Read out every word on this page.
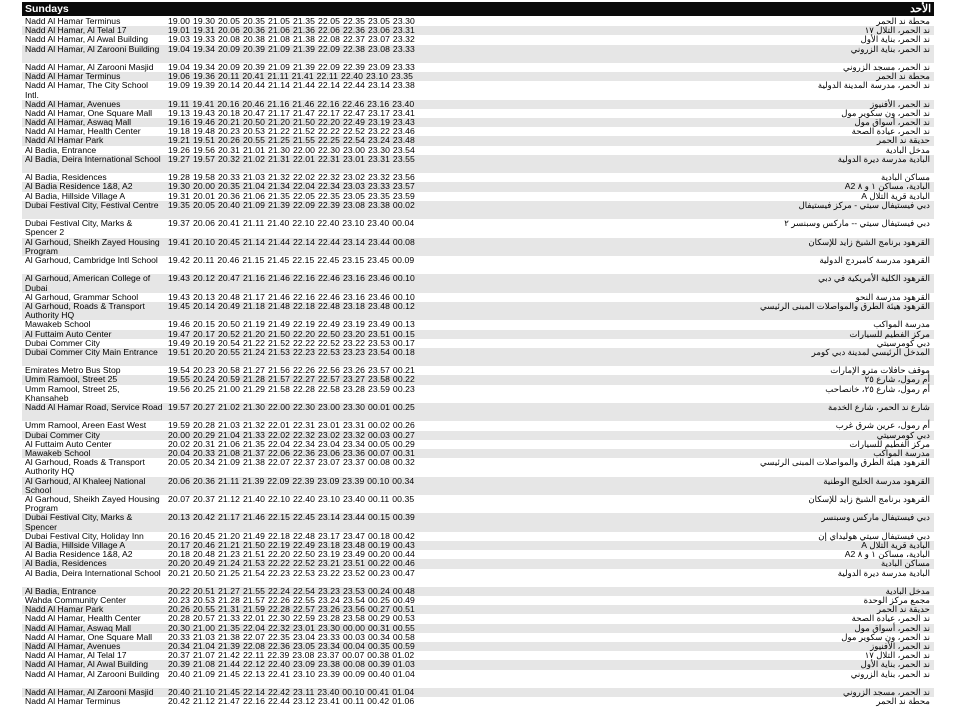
Sundays	الأحد
Nadd Al Hamar Terminus	19.00 19.30 20.05 20.35 21.05 21.35 22.05 22.35 23.05 23.30	محطة ند الحمر
Nadd Al Hamar, Al Telal 17	19.01 19.31 20.06 20.36 21.06 21.36 22.06 22.36 23.06 23.31	ند الحمر، التلال ١٧
Nadd Al Hamar, Al Awal Building	19.03 19.33 20.08 20.38 21.08 21.38 22.08 22.37 23.07 23.32	ند الحمر، بناية الأول
Nadd Al Hamar, Al Zarooni Building	19.04 19.34 20.09 20.39 21.09 21.39 22.09 22.38 23.08 23.33	ند الحمر، بناية الزروني
Nadd Al Hamar, Al Zarooni Masjid	19.04 19.34 20.09 20.39 21.09 21.39 22.09 22.39 23.09 23.33	ند الحمر، مسجد الزروني
Nadd Al Hamar Terminus	19.06 19.36 20.11 20.41 21.11 21.41 22.11 22.40 23.10 23.35	محطة ند الحمر
Nadd Al Hamar, The City School Intl.
19.09 19.39 20.14 20.44 21.14 21.44 22.14 22.44 23.14 23.38	ند الحمر، مدرسة المدينة الدولية
Nadd Al Hamar, Avenues	19.11 19.41 20.16 20.46 21.16 21.46 22.16 22.46 23.16 23.40	ند الحمر، الأفنيوز
Nadd Al Hamar, One Square Mall	19.13 19.43 20.18 20.47 21.17 21.47 22.17 22.47 23.17 23.41	ند الحمر، ون سكوير مول
Nadd Al Hamar, Aswaq Mall	19.16 19.46 20.21 20.50 21.20 21.50 22.20 22.49 23.19 23.43	ند الحمر، أسواق مول
Nadd Al Hamar, Health Center	19.18 19.48 20.23 20.53 21.22 21.52 22.22 22.52 23.22 23.46	ند الحمر، عيادة الصحة
Nadd Al Hamar Park	19.21 19.51 20.26 20.55 21.25 21.55 22.25 22.54 23.24 23.48	حديقة ند الحمر
Al Badia, Entrance	19.26 19.56 20.31 21.01 21.30 22.00 22.30 23.00 23.30 23.54	مدخل البادية
Al Badia, Deira International School 19.27 19.57 20.32 21.02 21.31 22.01 22.31 23.01 23.31 23.55	البادية مدرسة ديرة الدولية
Al Badia, Residences	19.28 19.58 20.33 21.03 21.32 22.02 22.32 23.02 23.32 23.56	مساكن البادية
Al Badia Residence 1&8, A2	19.30 20.00 20.35 21.04 21.34 22.04 22.34 23.03 23.33 23.57	البادية، مساكن ١ و ٨ A2
Al Badia, Hillside Village A	19.31 20.01 20.36 21.06 21.35 22.05 22.35 23.05 23.35 23.59	البادية قرية التلال A
Dubai Festival City, Festival Centre	19.35 20.05 20.40 21.09 21.39 22.09 22.39 23.08 23.38 00.02	دبي فيستيفال سيتي - مركز فيستيفال
Dubai Festival City, Marks & Spencer 2
19.37 20.06 20.41 21.11 21.40 22.10 22.40 23.10 23.40 00.04	دبي فيستيفال سيتي -- ماركس وسبنسر ٢
Al Garhoud, Sheikh Zayed Housing Program
19.41 20.10 20.45 21.14 21.44 22.14 22.44 23.14 23.44 00.08	القرهود برنامج الشيخ زايد للإسكان
Al Garhoud, Cambridge Intl School	19.42 20.11 20.46 21.15 21.45 22.15 22.45 23.15 23.45 00.09	القرهود مدرسة كامبردج الدولية
Al Garhoud, American College of Dubai
19.43 20.12 20.47 21.16 21.46 22.16 22.46 23.16 23.46 00.10	القرهود الكلية الأمريكية في دبي
Al Garhoud, Grammar School	19.43 20.13 20.48 21.17 21.46 22.16 22.46 23.16 23.46 00.10	القرهود مدرسة النحو
Al Garhoud, Roads & Transport Authority HQ
19.45 20.14 20.49 21.18 21.48 22.18 22.48 23.18 23.48 00.12	القرهود هيئة الطرق والمواصلات المبنى الرئيسي
Mawakeb School	19.46 20.15 20.50 21.19 21.49 22.19 22.49 23.19 23.49 00.13	مدرسة المواكب
Al Futtaim Auto Center	19.47 20.17 20.52 21.20 21.50 22.20 22.50 23.20 23.51 00.15	مركز الفطيم للسيارات
Dubai Commer City	19.49 20.19 20.54 21.22 21.52 22.22 22.52 23.22 23.53 00.17	دبي كومرسيتي
Dubai Commer City Main Entrance	19.51 20.20 20.55 21.24 21.53 22.23 22.53 23.23 23.54 00.18	المدخل الرئيسي لمدينة دبي كومر
Emirates Metro Bus Stop	19.54 20.23 20.58 21.27 21.56 22.26 22.56 23.26 23.57 00.21	موقف حافلات مترو الإمارات
Umm Ramool, Street 25	19.55 20.24 20.59 21.28 21.57 22.27 22.57 23.27 23.58 00.22	أم رمول، شارع ٢٥
Umm Ramool, Street 25, Khansaheb
19.56 20.25 21.00 21.29 21.58 22.28 22.58 23.28 23.59 00.23	أم رمول، شارع ٢٥، خانصاحب
Nadd Al Hamar Road, Service Road 19.57 20.27 21.02 21.30 22.00 22.30 23.00 23.30 00.01 00.25	شارع ند الحمر، شارع الخدمة
Umm Ramool, Areen East West	19.59 20.28 21.03 21.32 22.01 22.31 23.01 23.31 00.02 00.26	أم رمول، عرين شرق غرب
Dubai Commer City	20.00 20.29 21.04 21.33 22.02 22.32 23.02 23.32 00.03 00.27	دبي كومرسيتي
Al Futtaim Auto Center	20.02 20.31 21.06 21.35 22.04 22.34 23.04 23.34 00.05 00.29	مركز الفطيم للسيارات
Mawakeb School	20.04 20.33 21.08 21.37 22.06 22.36 23.06 23.36 00.07 00.31	مدرسة المواكب
Al Garhoud, Roads & Transport Authority HQ
20.05 20.34 21.09 21.38 22.07 22.37 23.07 23.37 00.08 00.32	القرهود هيئة الطرق والمواصلات المبنى الرئيسي
Al Garhoud, Al Khaleej National School
20.06 20.36 21.11 21.39 22.09 22.39 23.09 23.39 00.10 00.34	القرهود مدرسة الخليج الوطنية
Al Garhoud, Sheikh Zayed Housing Program
20.07 20.37 21.12 21.40 22.10 22.40 23.10 23.40 00.11 00.35	القرهود برنامج الشيخ زايد للإسكان
Dubai Festival City, Marks & Spencer
20.13 20.42 21.17 21.46 22.15 22.45 23.14 23.44 00.15 00.39	دبي فيستيفال ماركس وسبنسر
Dubai Festival City, Holiday Inn	20.16 20.45 21.20 21.49 22.18 22.48 23.17 23.47 00.18 00.42	دبي فيستيفال سيتي هوليداي إن
Al Badia, Hillside Village A	20.17 20.46 21.21 21.50 22.19 22.49 23.18 23.48 00.19 00.43	البادية قرية التلال A
Al Badia Residence 1&8, A2	20.18 20.48 21.23 21.51 22.20 22.50 23.19 23.49 00.20 00.44	البادية، مساكن ١ و ٨ A2
Al Badia, Residences	20.20 20.49 21.24 21.53 22.22 22.52 23.21 23.51 00.22 00.46	مساكن البادية
Al Badia, Deira International School 20.21 20.50 21.25 21.54 22.23 22.53 23.22 23.52 00.23 00.47	البادية مدرسة ديرة الدولية
Al Badia, Entrance	20.22 20.51 21.27 21.55 22.24 22.54 23.23 23.53 00.24 00.48	مدخل البادية
Wahda Community Center	20.23 20.53 21.28 21.57 22.26 22.55 23.24 23.54 00.25 00.49	مجمع مركز الوحدة
Nadd Al Hamar Park	20.26 20.55 21.31 21.59 22.28 22.57 23.26 23.56 00.27 00.51	حديقة ند الحمر
Nadd Al Hamar, Health Center	20.28 20.57 21.33 22.01 22.30 22.59 23.28 23.58 00.29 00.53	ند الحمر، عيادة الصحة
Nadd Al Hamar, Aswaq Mall	20.30 21.00 21.35 22.04 22.32 23.01 23.30 00.00 00.31 00.55	ند الحمر، أسواق مول
Nadd Al Hamar, One Square Mall	20.33 21.03 21.38 22.07 22.35 23.04 23.33 00.03 00.34 00.58	ند الحمر، ون سكوير مول
Nadd Al Hamar, Avenues	20.34 21.04 21.39 22.08 22.36 23.05 23.34 00.04 00.35 00.59	ند الحمر، الأفنيوز
Nadd Al Hamar, Al Telal 17	20.37 21.07 21.42 22.11 22.39 23.08 23.37 00.07 00.38 01.02	ند الحمر، التلال ١٧
Nadd Al Hamar, Al Awal Building	20.39 21.08 21.44 22.12 22.40 23.09 23.38 00.08 00.39 01.03	ند الحمر، بناية الأول
Nadd Al Hamar, Al Zarooni Building	20.40 21.09 21.45 22.13 22.41 23.10 23.39 00.09 00.40 01.04	ند الحمر، بناية الزروني
Nadd Al Hamar, Al Zarooni Masjid	20.40 21.10 21.45 22.14 22.42 23.11 23.40 00.10 00.41 01.04	ند الحمر، مسجد الزروني
Nadd Al Hamar Terminus	20.42 21.12 21.47 22.16 22.44 23.12 23.41 00.11 00.42 01.06	محطة ند الحمر
